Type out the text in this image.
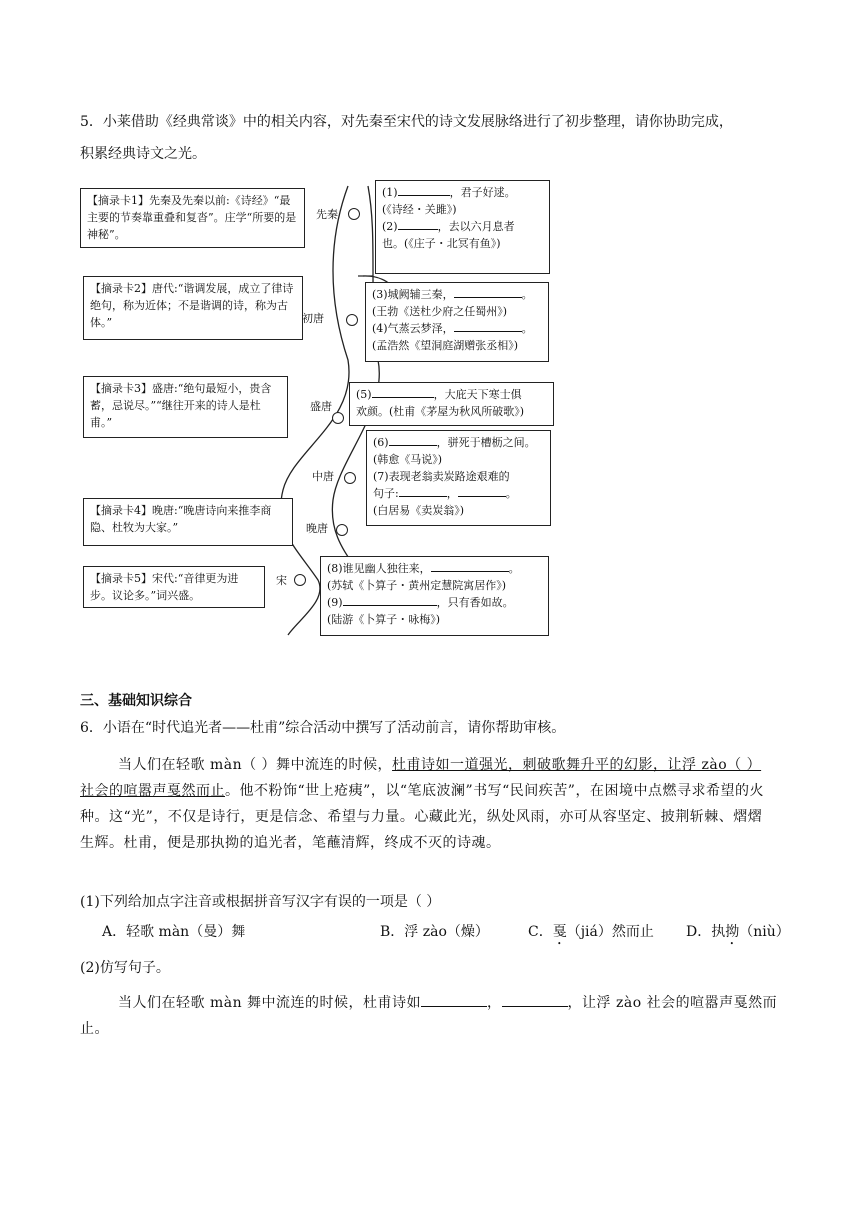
5．小莱借助《经典常谈》中的相关内容，对先秦至宋代的诗文发展脉络进行了初步整理，请你协助完成，
积累经典诗文之光。
【摘录卡1】先秦及先秦以前:《诗经》“最主要的节奏靠重叠和复沓”。庄学“所要的是神秘”。
【摘录卡2】唐代:“谐调发展，成立了律诗绝句，称为近体；不是谐调的诗，称为古体。”
【摘录卡3】盛唐:“绝句最短小，贵含蓄，忌说尽。”“继往开来的诗人是杜甫。”
【摘录卡4】晚唐:“晚唐诗向来推李商隐、杜牧为大家。”
【摘录卡5】宋代:“音律更为进步。议论多。”词兴盛。
先秦
初唐
盛唐
中唐
晚唐
宋
(1)	，君子好逑。
(《诗经・关雎》)
(2)	，去以六月息者
也。(《庄子・北冥有鱼》)
(3)城阙辅三秦，	。
(王勃《送杜少府之任蜀州》)
(4)气蒸云梦泽，	。
(孟浩然《望洞庭湖赠张丞相》)
(5)	，大庇天下寒士俱
欢颜。(杜甫《茅屋为秋风所破歌》)
(6)	，骈死于槽枥之间。
(韩愈《马说》)
(7)表现老翁卖炭路途艰难的
句子:	，	。
(白居易《卖炭翁》)
(8)谁见幽人独往来，	。
(苏轼《卜算子・黄州定慧院寓居作》)
(9)	，只有香如故。
(陆游《卜算子・咏梅》)
三、基础知识综合
6．小语在“时代追光者——杜甫”综合活动中撰写了活动前言，请你帮助审核。
当人们在轻歌 màn（ ）舞中流连的时候，杜甫诗如一道强光，刺破歌舞升平的幻影，让浮 zào（ ）
社会的喧嚣声戛然而止。他不粉饰“世上疮痍”，以“笔底波澜”书写“民间疾苦”，在困境中点燃寻求希望的火
种。这“光”，不仅是诗行，更是信念、希望与力量。心藏此光，纵处风雨，亦可从容坚定、披荆斩棘、熠熠
生辉。杜甫，便是那执拗的追光者，笔蘸清辉，终成不灭的诗魂。
(1)下列给加点字注音或根据拼音写汉字有误的一项是（ ）
A．轻歌 màn（曼）舞	B．浮 zào（燥）	C．戛（jiá）然而止 D．执拗（niù）
(2)仿写句子。
当人们在轻歌 màn 舞中流连的时候，杜甫诗如	，	，让浮 zào 社会的喧嚣声戛然而
止。
